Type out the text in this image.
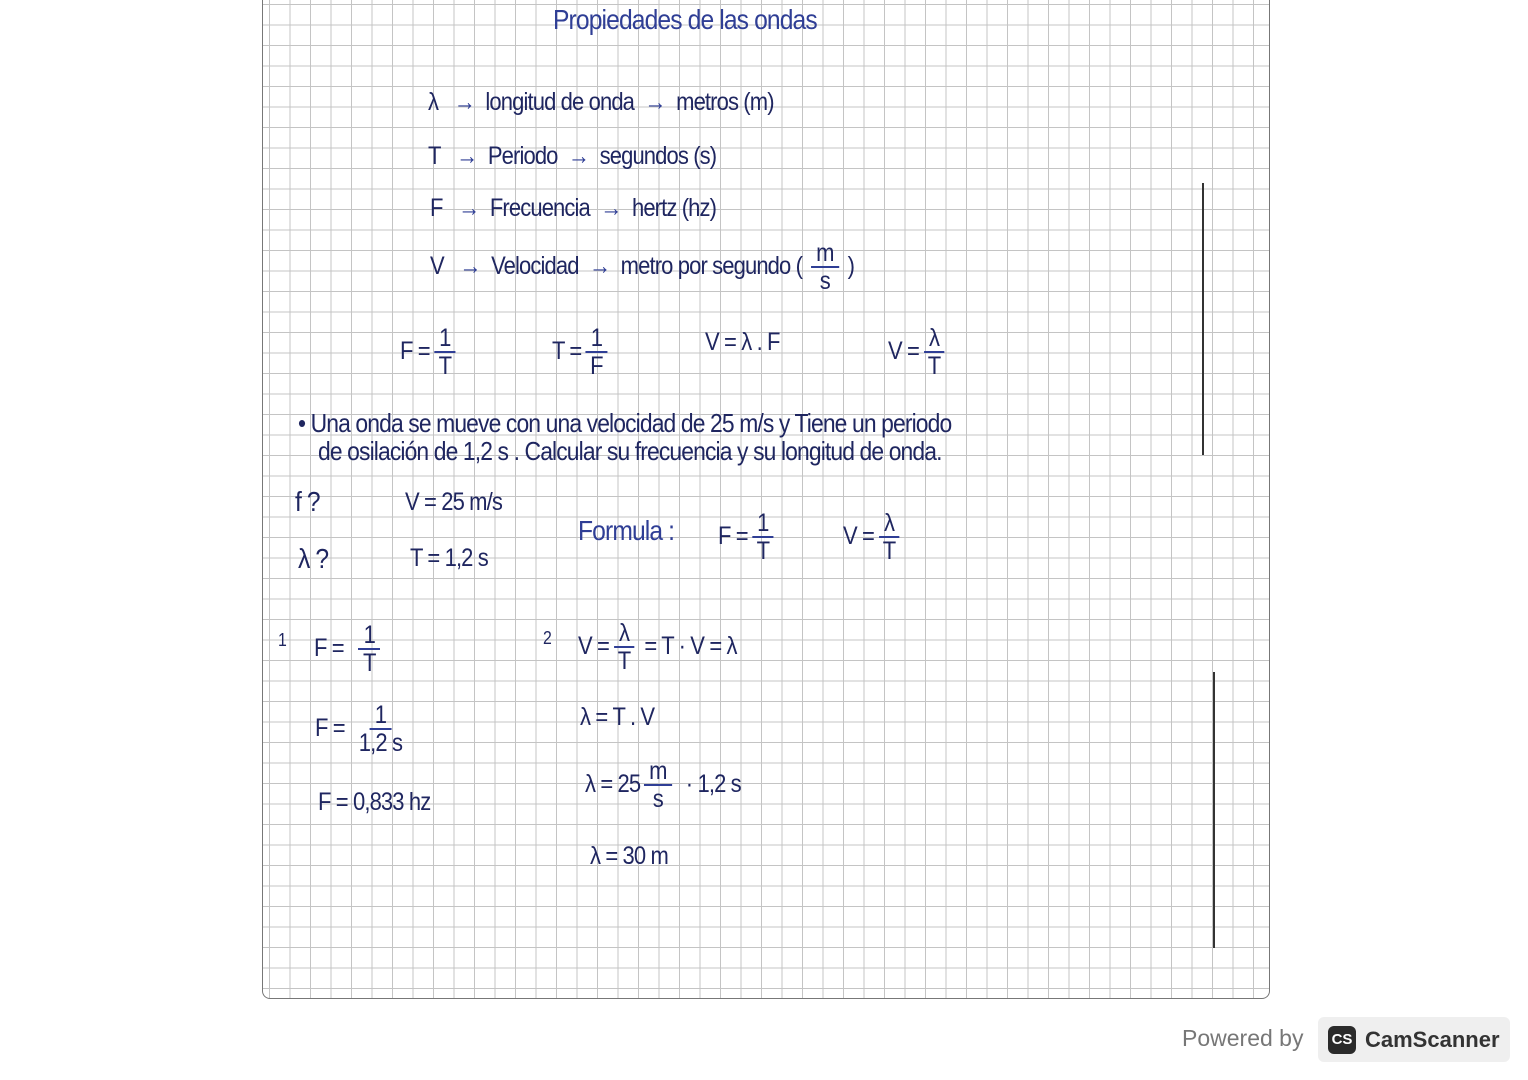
Propiedades de las ondas
λ → longitud de onda → metros (m)
T → Periodo → segundos (s)
F → Frecuencia → hertz (hz)
V → Velocidad → metro por segundo ( $\frac{m}{s}$ )
$F = \frac{1}{T}$	$T = \frac{1}{F}$	V = λ . F	$V = \frac{\lambda}{T}$
• Una onda se mueve con una velocidad de 25 m/s y Tiene un periodo
de osilación de 1,2 s . Calcular su frecuencia y su longitud de onda.
f ?	V = 25 m/s
λ ?	T = 1,2 s
Formula : $F = \frac{1}{T}$	$V = \frac{\lambda}{T}$
1 $F = \frac{1}{T}$
$F = \frac{1}{1,2 s}$
F = 0,833 hz
2 $V = \frac{\lambda}{T} = T \cdot V = \lambda$
λ = T . V
$\lambda = 25 \frac{m}{s} \cdot 1,2$ s
λ = 30 m
Powered by CS CamScanner
